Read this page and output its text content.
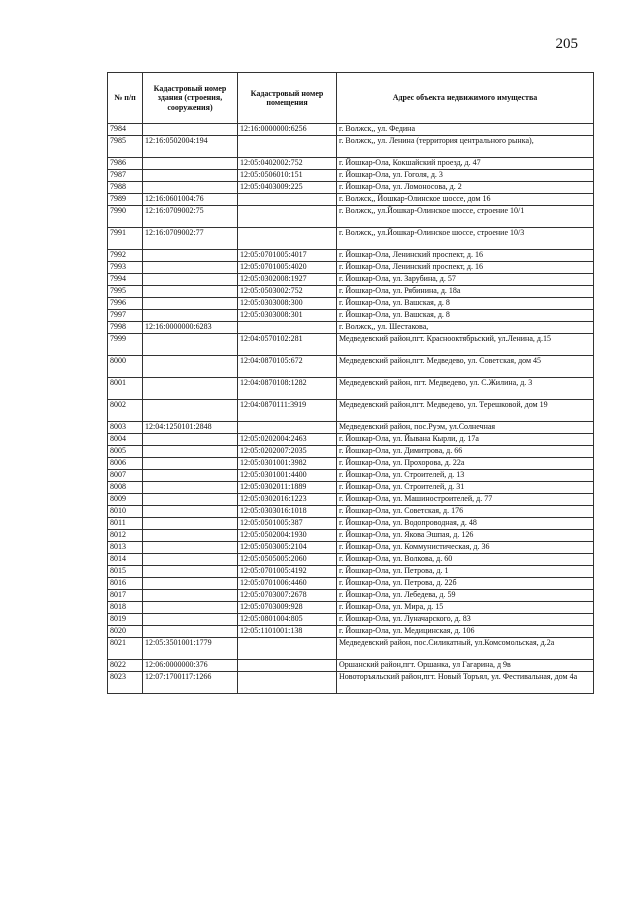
205
№ п/п	Кадастровый номер здания (строения, сооружения)	Кадастровый номер помещения	Адрес объекта недвижимого имущества
7984		12:16:0000000:6256	г. Волжск,, ул. Федина
7985	12:16:0502004:194		г. Волжск,, ул. Ленина (территория центрального рынка),
7986		12:05:0402002:752	г. Йошкар-Ола, Кокшайский проезд, д. 47
7987		12:05:0506010:151	г. Йошкар-Ола, ул. Гоголя, д. 3
7988		12:05:0403009:225	г. Йошкар-Ола, ул. Ломоносова, д. 2
7989	12:16:0601004:76		г. Волжск,, Йошкар-Олинское шоссе, дом 16
7990	12:16:0709002:75		г. Волжск,, ул.Йошкар-Олинское шоссе, строение 10/1
7991	12:16:0709002:77		г. Волжск,, ул.Йошкар-Олинское шоссе, строение 10/3
7992		12:05:0701005:4017	г. Йошкар-Ола, Ленинский проспект, д. 16
7993		12:05:0701005:4020	г. Йошкар-Ола, Ленинский проспект, д. 16
7994		12:05:0302008:1927	г. Йошкар-Ола, ул. Зарубина, д. 57
7995		12:05:0503002:752	г. Йошкар-Ола, ул. Рябинина, д. 18а
7996		12:05:0303008:300	г. Йошкар-Ола, ул. Вашская, д. 8
7997		12:05:0303008:301	г. Йошкар-Ола, ул. Вашская, д. 8
7998	12:16:0000000:6283		г. Волжск,, ул. Шестакова,
7999		12:04:0570102:281	Медведевский район,пгт. Краснооктябрьский, ул.Ленина, д.15
8000		12:04:0870105:672	Медведевский район,пгт. Медведево, ул. Советская, дом 45
8001		12:04:0870108:1282	Медведевский район, пгт. Медведево, ул. С.Жилина, д. 3
8002		12:04:0870111:3919	Медведевский район,пгт. Медведево, ул. Терешковой, дом 19
8003	12:04:1250101:2848		Медведевский район, пос.Руэм, ул.Солнечная
8004		12:05:0202004:2463	г. Йошкар-Ола, ул. Йывана Кырли, д. 17а
8005		12:05:0202007:2035	г. Йошкар-Ола, ул. Димитрова, д. 66
8006		12:05:0301001:3982	г. Йошкар-Ола, ул. Прохорова, д. 22а
8007		12:05:0301001:4400	г. Йошкар-Ола, ул. Строителей, д. 13
8008		12:05:0302011:1889	г. Йошкар-Ола, ул. Строителей, д. 31
8009		12:05:0302016:1223	г. Йошкар-Ола, ул. Машиностроителей, д. 77
8010		12:05:0303016:1018	г. Йошкар-Ола, ул. Советская, д. 176
8011		12:05:0501005:387	г. Йошкар-Ола, ул. Водопроводная, д. 48
8012		12:05:0502004:1930	г. Йошкар-Ола, ул. Якова Эшпая, д. 126
8013		12:05:0503005:2104	г. Йошкар-Ола, ул. Коммунистическая, д. 36
8014		12:05:0505005:2060	г. Йошкар-Ола, ул. Волкова, д. 60
8015		12:05:0701005:4192	г. Йошкар-Ола, ул. Петрова, д. 1
8016		12:05:0701006:4460	г. Йошкар-Ола, ул. Петрова, д. 22б
8017		12:05:0703007:2678	г. Йошкар-Ола, ул. Лебедева, д. 59
8018		12:05:0703009:928	г. Йошкар-Ола, ул. Мира, д. 15
8019		12:05:0801004:805	г. Йошкар-Ола, ул. Луначарского, д. 83
8020		12:05:1101001:138	г. Йошкар-Ола, ул. Медицинская, д. 106
8021	12:05:3501001:1779		Медведевский район, пос.Силикатный, ул.Комсомольская, д.2а
8022	12:06:0000000:376		Оршанский район,пгт. Оршанка, ул Гагарина, д 9в
8023	12:07:1700117:1266		Новоторъяльский район,пгт. Новый Торъял, ул. Фестивальная, дом 4а
